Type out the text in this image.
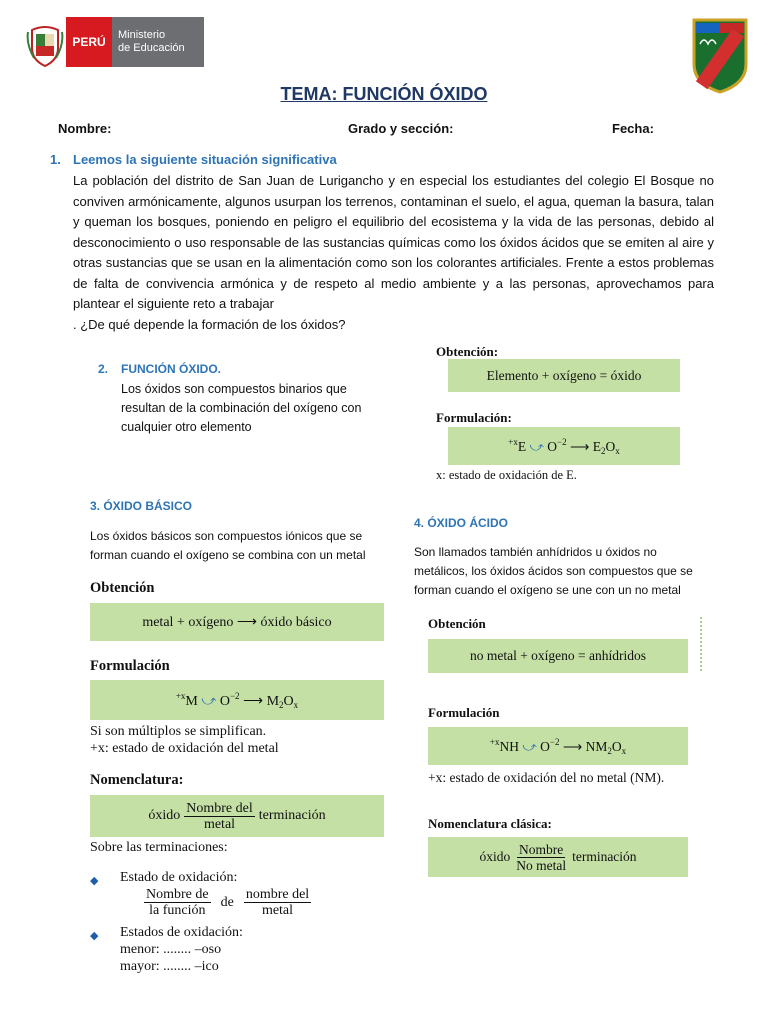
PERÚ	Ministerio
de Educación
TEMA: FUNCIÓN ÓXIDO
Nombre:	Grado y sección:	Fecha:
1. Leemos la siguiente situación significativa
La población del distrito de San Juan de Lurigancho y en especial los estudiantes del colegio El Bosque no conviven armónicamente, algunos usurpan los terrenos, contaminan el suelo, el agua, queman la basura, talan y queman los bosques, poniendo en peligro el equilibrio del ecosistema y la vida de las personas, debido al desconocimiento o uso responsable de las sustancias químicas como los óxidos ácidos que se emiten al aire y otras sustancias que se usan en la alimentación como son los colorantes artificiales. Frente a estos problemas de falta de convivencia armónica y de respeto al medio ambiente y a las personas, aprovechamos para plantear el siguiente reto a trabajar
. ¿De qué depende la formación de los óxidos?
2. FUNCIÓN ÓXIDO.
Los óxidos son compuestos binarios que resultan de la combinación del oxígeno con cualquier otro elemento
Obtención:
Elemento + oxígeno = óxido
Formulación:
$^{+x}$E ⤻ $O^{-2}$ ⟶ $E_2O_x$
x: estado de oxidación de E.
3. ÓXIDO BÁSICO
Los óxidos básicos son compuestos iónicos que se forman cuando el oxígeno se combina con un metal
Obtención
metal + oxígeno ⟶ óxido básico
Formulación
$^{+x}$M ⤻ $O^{-2}$ ⟶ $M_2O_x$
Si son múltiplos se simplifican.
+x: estado de oxidación del metal
Nomenclatura:
óxido $\frac{\text{Nombre del}}{\text{metal}}$ terminación
Sobre las terminaciones:
◆ Estado de oxidación:
$\frac{\text{Nombre de}}{\text{la función}}$ de $\frac{\text{nombre del}}{\text{metal}}$
◆ Estados de oxidación:
menor: ........ –oso
mayor: ........ –ico
4. ÓXIDO ÁCIDO
Son llamados también anhídridos u óxidos no metálicos, los óxidos ácidos son compuestos que se forman cuando el oxígeno se une con un no metal
Obtención
no metal + oxígeno = anhídridos
Formulación
$^{+x}$NH ⤻ $O^{-2}$ ⟶ $NM_2O_x$
+x: estado de oxidación del no metal (NM).
Nomenclatura clásica:
óxido $\frac{\text{Nombre}}{\text{No metal}}$ terminación
